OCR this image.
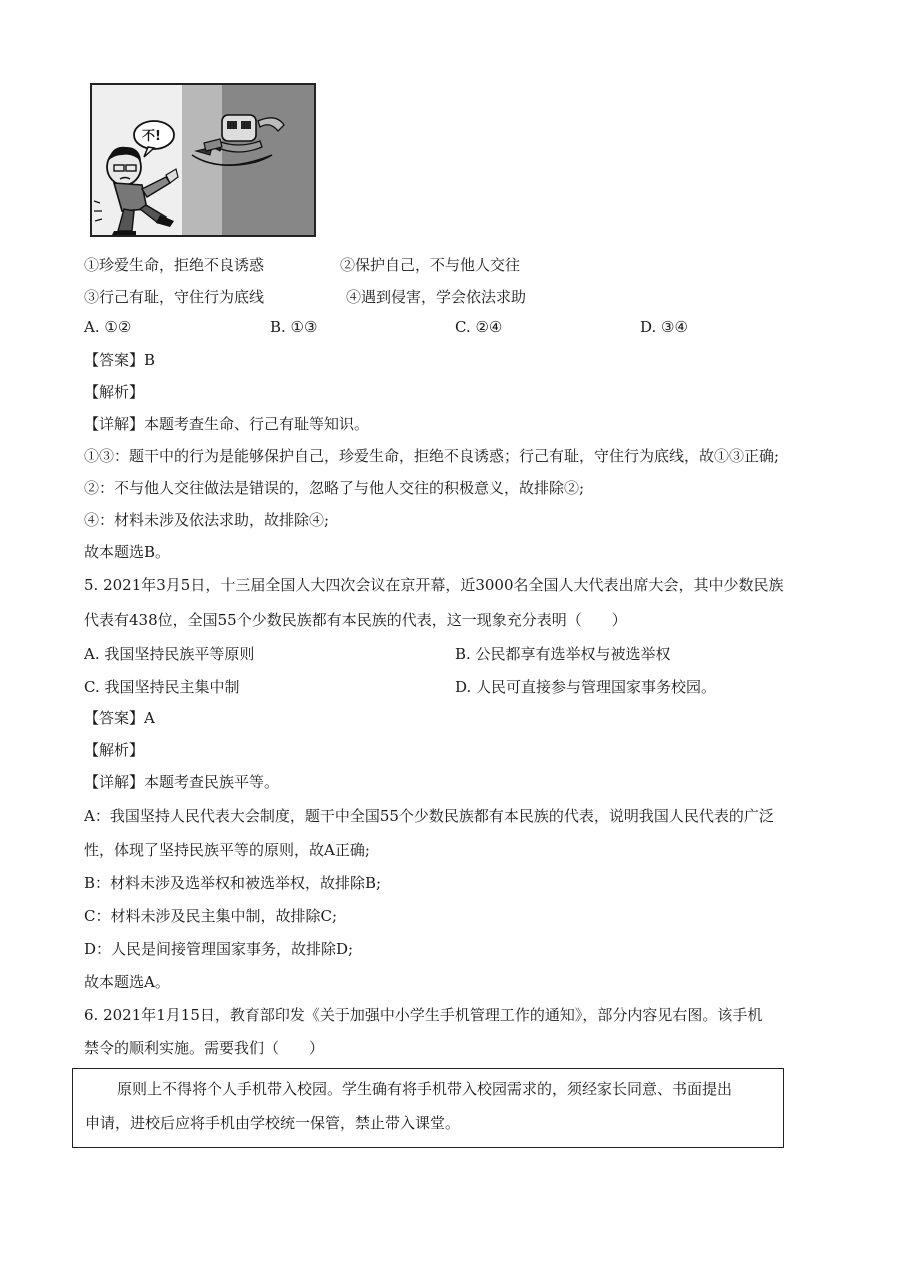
不!
①珍爱生命，拒绝不良诱惑	②保护自己，不与他人交往
③行己有耻，守住行为底线	④遇到侵害，学会依法求助
A. ①②	B. ①③	C. ②④	D. ③④
【答案】B
【解析】
【详解】本题考查生命、行己有耻等知识。
①③：题干中的行为是能够保护自己，珍爱生命，拒绝不良诱惑；行己有耻，守住行为底线，故①③正确;
②：不与他人交往做法是错误的，忽略了与他人交往的积极意义，故排除②;
④：材料未涉及依法求助，故排除④;
故本题选B。
5. 2021年3月5日，十三届全国人大四次会议在京开幕，近3000名全国人大代表出席大会，其中少数民族
代表有438位，全国55个少数民族都有本民族的代表，这一现象充分表明（　　）
A. 我国坚持民族平等原则	B. 公民都享有选举权与被选举权
C. 我国坚持民主集中制	D. 人民可直接参与管理国家事务校园。
【答案】A
【解析】
【详解】本题考查民族平等。
A：我国坚持人民代表大会制度，题干中全国55个少数民族都有本民族的代表，说明我国人民代表的广泛
性，体现了坚持民族平等的原则，故A正确;
B：材料未涉及选举权和被选举权，故排除B;
C：材料未涉及民主集中制，故排除C;
D：人民是间接管理国家事务，故排除D;
故本题选A。
6. 2021年1月15日，教育部印发《关于加强中小学生手机管理工作的通知》，部分内容见右图。该手机
禁令的顺利实施。需要我们（　　）
原则上不得将个人手机带入校园。学生确有将手机带入校园需求的，须经家长同意、书面提出
申请，进校后应将手机由学校统一保管，禁止带入课堂。
